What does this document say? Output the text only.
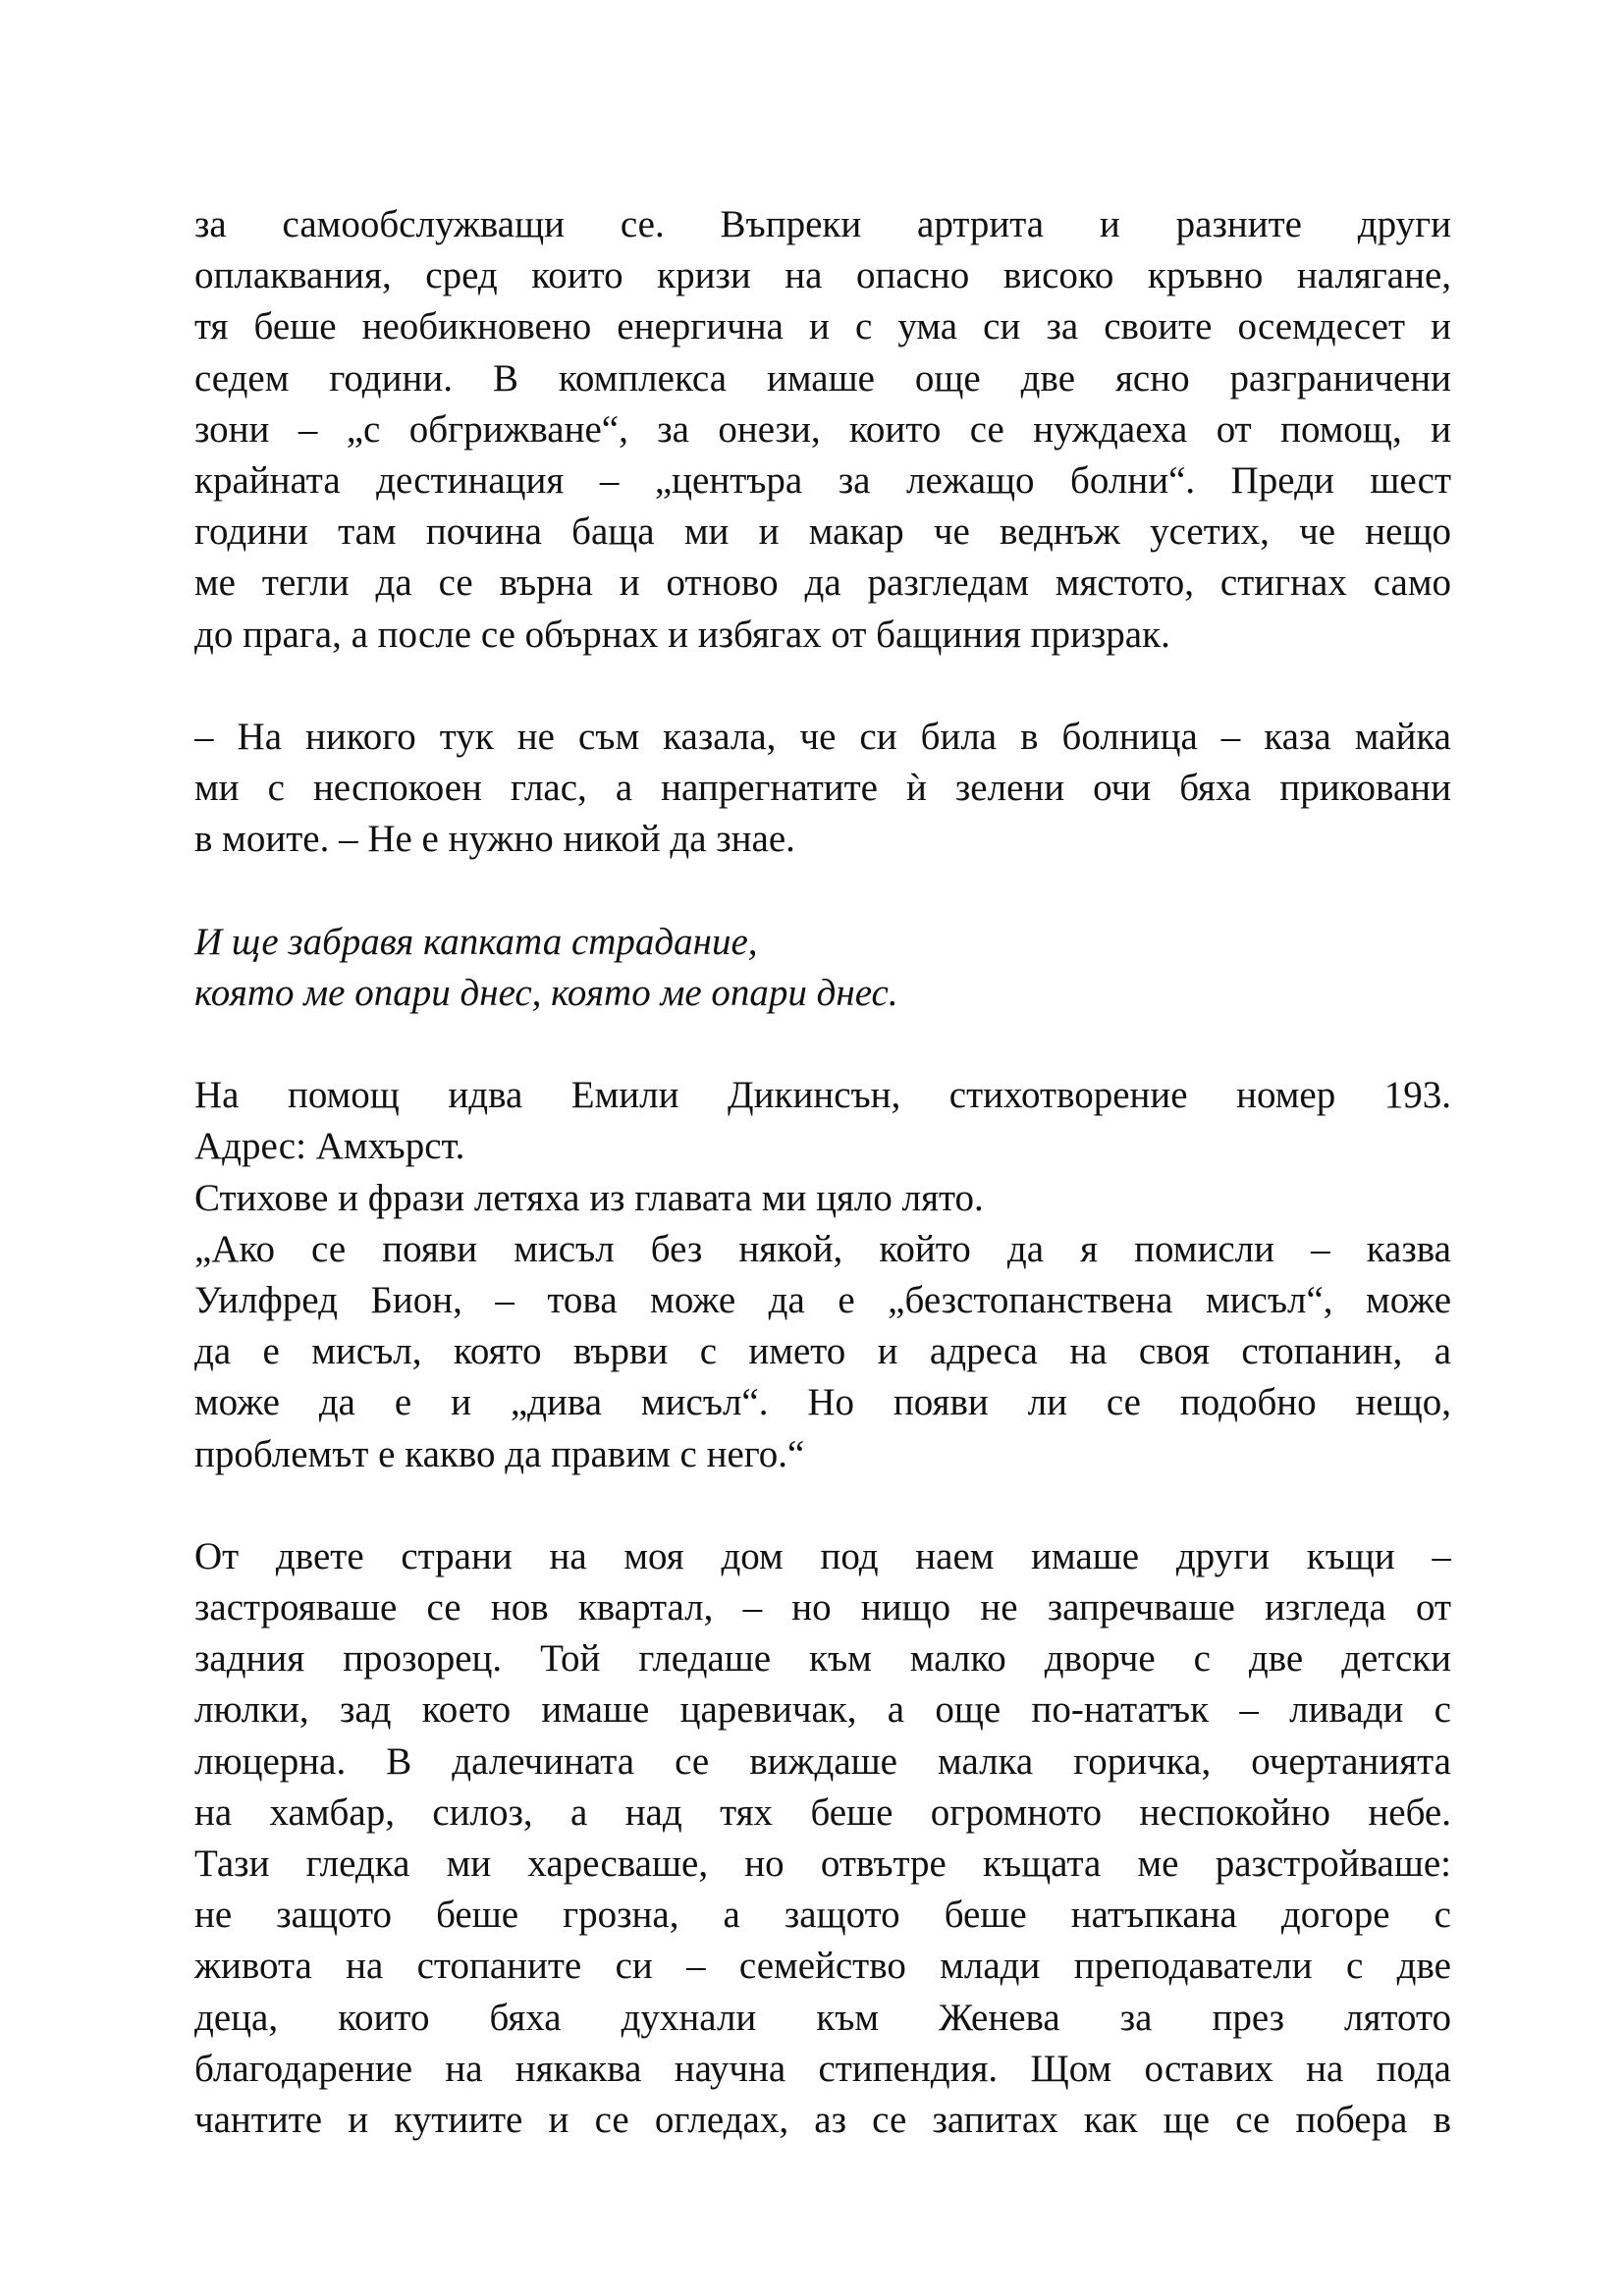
за самообслужващи се. Въпреки артрита и разните други
оплаквания, сред които кризи на опасно високо кръвно налягане,
тя беше необикновено енергична и с ума си за своите осемдесет и
седем години. В комплекса имаше още две ясно разграничени
зони – „с обгрижване“, за онези, които се нуждаеха от помощ, и
крайната дестинация – „центъра за лежащо болни“. Преди шест
години там почина баща ми и макар че веднъж усетих, че нещо
ме тегли да се върна и отново да разгледам мястото, стигнах само
до прага, а после се обърнах и избягах от бащиния призрак.
– На никого тук не съм казала, че си била в болница – каза майка
ми с неспокоен глас, а напрегнатите ѝ зелени очи бяха приковани
в моите. – Не е нужно никой да знае.
И ще забравя капката страдание,
която ме опари днес, която ме опари днес.
На помощ идва Емили Дикинсън, стихотворение номер 193.
Адрес: Амхърст.
Стихове и фрази летяха из главата ми цяло лято.
„Ако се появи мисъл без някой, който да я помисли – казва
Уилфред Бион, – това може да е „безстопанствена мисъл“, може
да е мисъл, която върви с името и адреса на своя стопанин, а
може да е и „дива мисъл“. Но появи ли се подобно нещо,
проблемът е какво да правим с него.“
От двете страни на моя дом под наем имаше други къщи –
застрояваше се нов квартал, – но нищо не запречваше изгледа от
задния прозорец. Той гледаше към малко дворче с две детски
люлки, зад което имаше царевичак, а още по-нататък – ливади с
люцерна. В далечината се виждаше малка горичка, очертанията
на хамбар, силоз, а над тях беше огромното неспокойно небе.
Тази гледка ми харесваше, но отвътре къщата ме разстройваше:
не защото беше грозна, а защото беше натъпкана догоре с
живота на стопаните си – семейство млади преподаватели с две
деца, които бяха духнали към Женева за през лятото
благодарение на някаква научна стипендия. Щом оставих на пода
чантите и кутиите и се огледах, аз се запитах как ще се побера в
